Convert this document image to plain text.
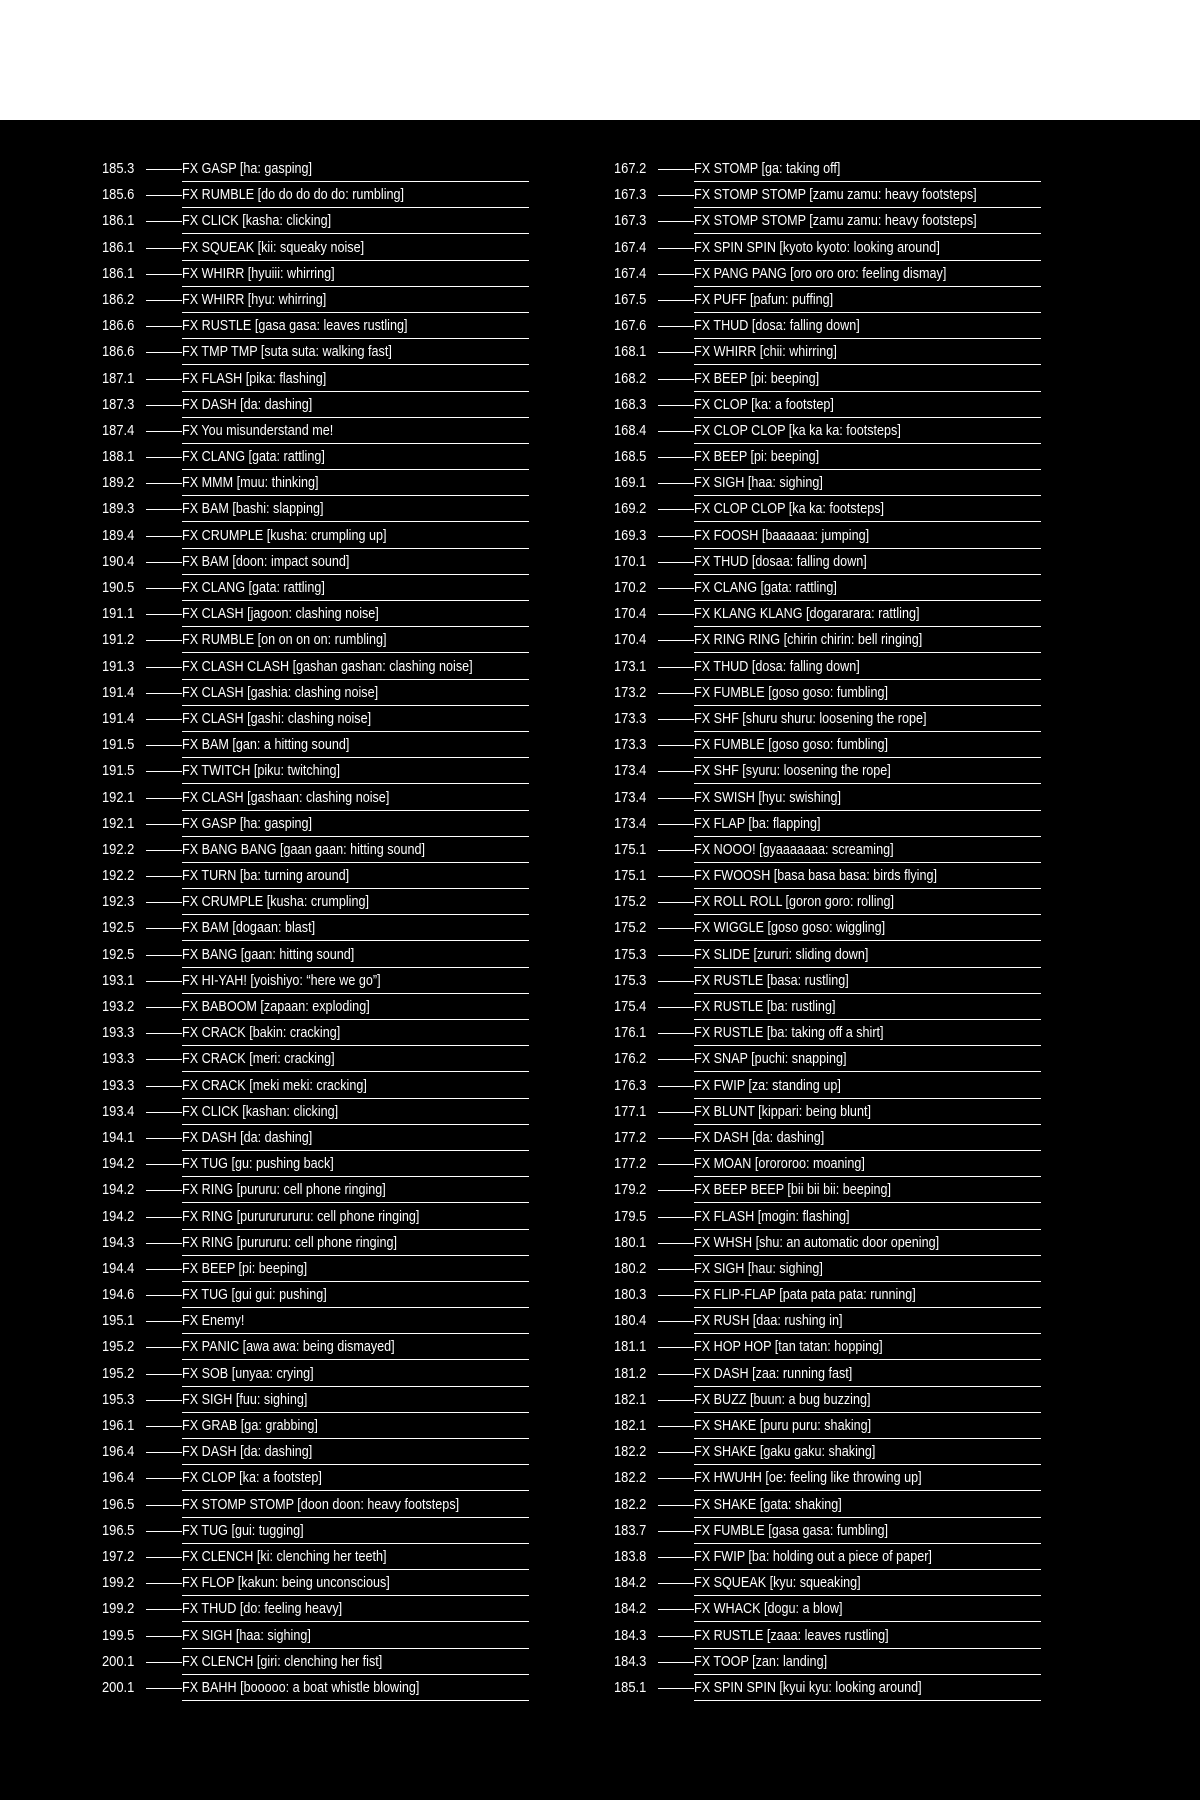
185.3	FX GASP [ha: gasping]
185.6	FX RUMBLE [do do do do do: rumbling]
186.1	FX CLICK [kasha: clicking]
186.1	FX SQUEAK [kii: squeaky noise]
186.1	FX WHIRR [hyuiii: whirring]
186.2	FX WHIRR [hyu: whirring]
186.6	FX RUSTLE [gasa gasa: leaves rustling]
186.6	FX TMP TMP [suta suta: walking fast]
187.1	FX FLASH [pika: flashing]
187.3	FX DASH [da: dashing]
187.4	FX You misunderstand me!
188.1	FX CLANG [gata: rattling]
189.2	FX MMM [muu: thinking]
189.3	FX BAM [bashi: slapping]
189.4	FX CRUMPLE [kusha: crumpling up]
190.4	FX BAM [doon: impact sound]
190.5	FX CLANG [gata: rattling]
191.1	FX CLASH [jagoon: clashing noise]
191.2	FX RUMBLE [on on on on: rumbling]
191.3	FX CLASH CLASH [gashan gashan: clashing noise]
191.4	FX CLASH [gashia: clashing noise]
191.4	FX CLASH [gashi: clashing noise]
191.5	FX BAM [gan: a hitting sound]
191.5	FX TWITCH [piku: twitching]
192.1	FX CLASH [gashaan: clashing noise]
192.1	FX GASP [ha: gasping]
192.2	FX BANG BANG [gaan gaan: hitting sound]
192.2	FX TURN [ba: turning around]
192.3	FX CRUMPLE [kusha: crumpling]
192.5	FX BAM [dogaan: blast]
192.5	FX BANG [gaan: hitting sound]
193.1	FX HI-YAH! [yoishiyo: “here we go”]
193.2	FX BABOOM [zapaan: exploding]
193.3	FX CRACK [bakin: cracking]
193.3	FX CRACK [meri: cracking]
193.3	FX CRACK [meki meki: cracking]
193.4	FX CLICK [kashan: clicking]
194.1	FX DASH [da: dashing]
194.2	FX TUG [gu: pushing back]
194.2	FX RING [pururu: cell phone ringing]
194.2	FX RING [purururururu: cell phone ringing]
194.3	FX RING [purururu: cell phone ringing]
194.4	FX BEEP [pi: beeping]
194.6	FX TUG [gui gui: pushing]
195.1	FX Enemy!
195.2	FX PANIC [awa awa: being dismayed]
195.2	FX SOB [unyaa: crying]
195.3	FX SIGH [fuu: sighing]
196.1	FX GRAB [ga: grabbing]
196.4	FX DASH [da: dashing]
196.4	FX CLOP [ka: a footstep]
196.5	FX STOMP STOMP [doon doon: heavy footsteps]
196.5	FX TUG [gui: tugging]
197.2	FX CLENCH [ki: clenching her teeth]
199.2	FX FLOP [kakun: being unconscious]
199.2	FX THUD [do: feeling heavy]
199.5	FX SIGH [haa: sighing]
200.1	FX CLENCH [giri: clenching her fist]
200.1	FX BAHH [booooo: a boat whistle blowing]
167.2	FX STOMP [ga: taking off]
167.3	FX STOMP STOMP [zamu zamu: heavy footsteps]
167.3	FX STOMP STOMP [zamu zamu: heavy footsteps]
167.4	FX SPIN SPIN [kyoto kyoto: looking around]
167.4	FX PANG PANG [oro oro oro: feeling dismay]
167.5	FX PUFF [pafun: puffing]
167.6	FX THUD [dosa: falling down]
168.1	FX WHIRR [chii: whirring]
168.2	FX BEEP [pi: beeping]
168.3	FX CLOP [ka: a footstep]
168.4	FX CLOP CLOP [ka ka ka: footsteps]
168.5	FX BEEP [pi: beeping]
169.1	FX SIGH [haa: sighing]
169.2	FX CLOP CLOP [ka ka: footsteps]
169.3	FX FOOSH [baaaaaa: jumping]
170.1	FX THUD [dosaa: falling down]
170.2	FX CLANG [gata: rattling]
170.4	FX KLANG KLANG [dogararara: rattling]
170.4	FX RING RING [chirin chirin: bell ringing]
173.1	FX THUD [dosa: falling down]
173.2	FX FUMBLE [goso goso: fumbling]
173.3	FX SHF [shuru shuru: loosening the rope]
173.3	FX FUMBLE [goso goso: fumbling]
173.4	FX SHF [syuru: loosening the rope]
173.4	FX SWISH [hyu: swishing]
173.4	FX FLAP [ba: flapping]
175.1	FX NOOO! [gyaaaaaaa: screaming]
175.1	FX FWOOSH [basa basa basa: birds flying]
175.2	FX ROLL ROLL [goron goro: rolling]
175.2	FX WIGGLE [goso goso: wiggling]
175.3	FX SLIDE [zururi: sliding down]
175.3	FX RUSTLE [basa: rustling]
175.4	FX RUSTLE [ba: rustling]
176.1	FX RUSTLE [ba: taking off a shirt]
176.2	FX SNAP [puchi: snapping]
176.3	FX FWIP [za: standing up]
177.1	FX BLUNT [kippari: being blunt]
177.2	FX DASH [da: dashing]
177.2	FX MOAN [orororoo: moaning]
179.2	FX BEEP BEEP [bii bii bii: beeping]
179.5	FX FLASH [mogin: flashing]
180.1	FX WHSH [shu: an automatic door opening]
180.2	FX SIGH [hau: sighing]
180.3	FX FLIP-FLAP [pata pata pata: running]
180.4	FX RUSH [daa: rushing in]
181.1	FX HOP HOP [tan tatan: hopping]
181.2	FX DASH [zaa: running fast]
182.1	FX BUZZ [buun: a bug buzzing]
182.1	FX SHAKE [puru puru: shaking]
182.2	FX SHAKE [gaku gaku: shaking]
182.2	FX HWUHH [oe: feeling like throwing up]
182.2	FX SHAKE [gata: shaking]
183.7	FX FUMBLE [gasa gasa: fumbling]
183.8	FX FWIP [ba: holding out a piece of paper]
184.2	FX SQUEAK [kyu: squeaking]
184.2	FX WHACK [dogu: a blow]
184.3	FX RUSTLE [zaaa: leaves rustling]
184.3	FX TOOP [zan: landing]
185.1	FX SPIN SPIN [kyui kyu: looking around]
